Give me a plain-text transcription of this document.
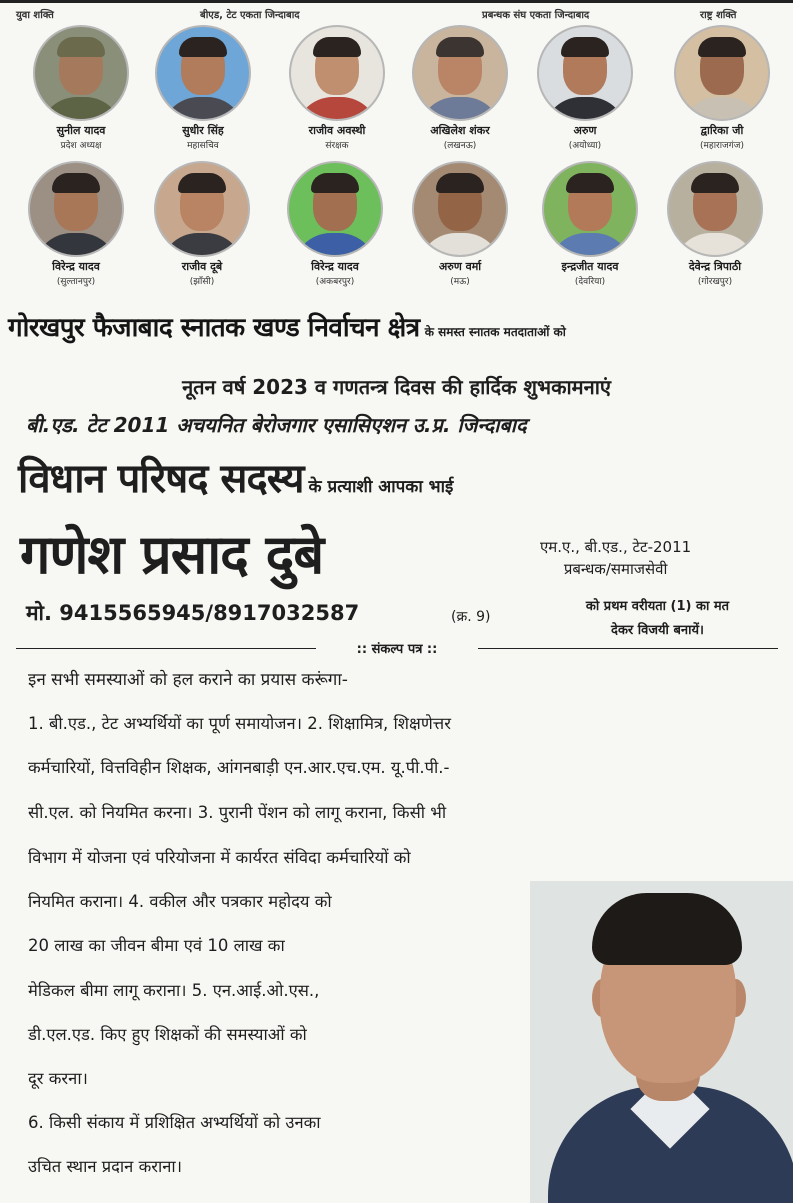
युवा शक्ति	बीएड, टेट एकता जिन्दाबाद	प्रबन्धक संघ एकता जिन्दाबाद	राष्ट्र शक्ति
सुनील यादव
प्रदेश अध्यक्ष
सुधीर सिंह
महासचिव
राजीव अवस्थी
संरक्षक
अखिलेश शंकर
(लखनऊ)
अरुण
(अयोध्या)
द्वारिका जी
(महाराजगंज)
विरेन्द्र यादव
(सुल्तानपुर)
राजीव दूबे
(झाँसी)
विरेन्द्र यादव
(अकबरपुर)
अरुण वर्मा
(मऊ)
इन्द्रजीत यादव
(देवरिया)
देवेन्द्र त्रिपाठी
(गोरखपुर)
गोरखपुर फैजाबाद स्नातक खण्ड निर्वाचन क्षेत्र के समस्त स्नातक मतदाताओं को
नूतन वर्ष 2023 व गणतन्त्र दिवस की हार्दिक शुभकामनाएं
बी.एड. टेट 2011 अचयनित बेरोजगार एसासिएशन उ.प्र. जिन्दाबाद
विधान परिषद सदस्य के प्रत्याशी आपका भाई
गणेश प्रसाद दुबे	एम.ए., बी.एड., टेट-2011
प्रबन्धक/समाजसेवी
मो. 9415565945/8917032587	(क्र. 9)
को प्रथम वरीयता (1) का मत
देकर विजयी बनायें।
:: संकल्प पत्र ::
इन सभी समस्याओं को हल कराने का प्रयास करूंगा-
1. बी.एड., टेट अभ्यर्थियों का पूर्ण समायोजन। 2. शिक्षामित्र, शिक्षणेत्तर
कर्मचारियों, वित्तविहीन शिक्षक, आंगनबाड़ी एन.आर.एच.एम. यू.पी.पी.-
सी.एल. को नियमित करना। 3. पुरानी पेंशन को लागू कराना, किसी भी
विभाग में योजना एवं परियोजना में कार्यरत संविदा कर्मचारियों को
नियमित कराना। 4. वकील और पत्रकार महोदय को
20 लाख का जीवन बीमा एवं 10 लाख का
मेडिकल बीमा लागू कराना। 5. एन.आई.ओ.एस.,
डी.एल.एड. किए हुए शिक्षकों की समस्याओं को
दूर करना।
6. किसी संकाय में प्रशिक्षित अभ्यर्थियों को उनका
उचित स्थान प्रदान कराना।
